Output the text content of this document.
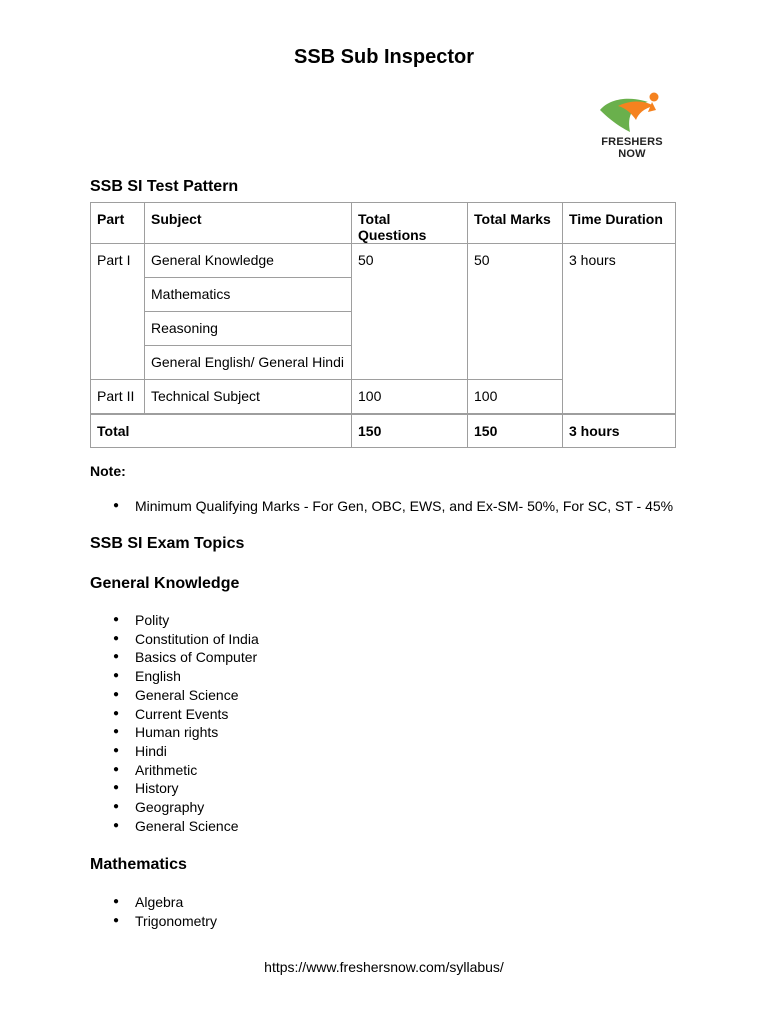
SSB Sub Inspector
FRESHERS NOW
SSB SI Test Pattern
Part	Subject	Total Questions	Total Marks	Time Duration
Part I	General Knowledge	50	50	3 hours
	Mathematics			
	Reasoning			
	General English/ General Hindi			
Part II	Technical Subject	100	100	
Total		150	150	3 hours
Note:
● Minimum Qualifying Marks - For Gen, OBC, EWS, and Ex-SM- 50%, For SC, ST - 45%
SSB SI Exam Topics
General Knowledge
● Polity
● Constitution of India
● Basics of Computer
● English
● General Science
● Current Events
● Human rights
● Hindi
● Arithmetic
● History
● Geography
● General Science
Mathematics
● Algebra
● Trigonometry
https://www.freshersnow.com/syllabus/
